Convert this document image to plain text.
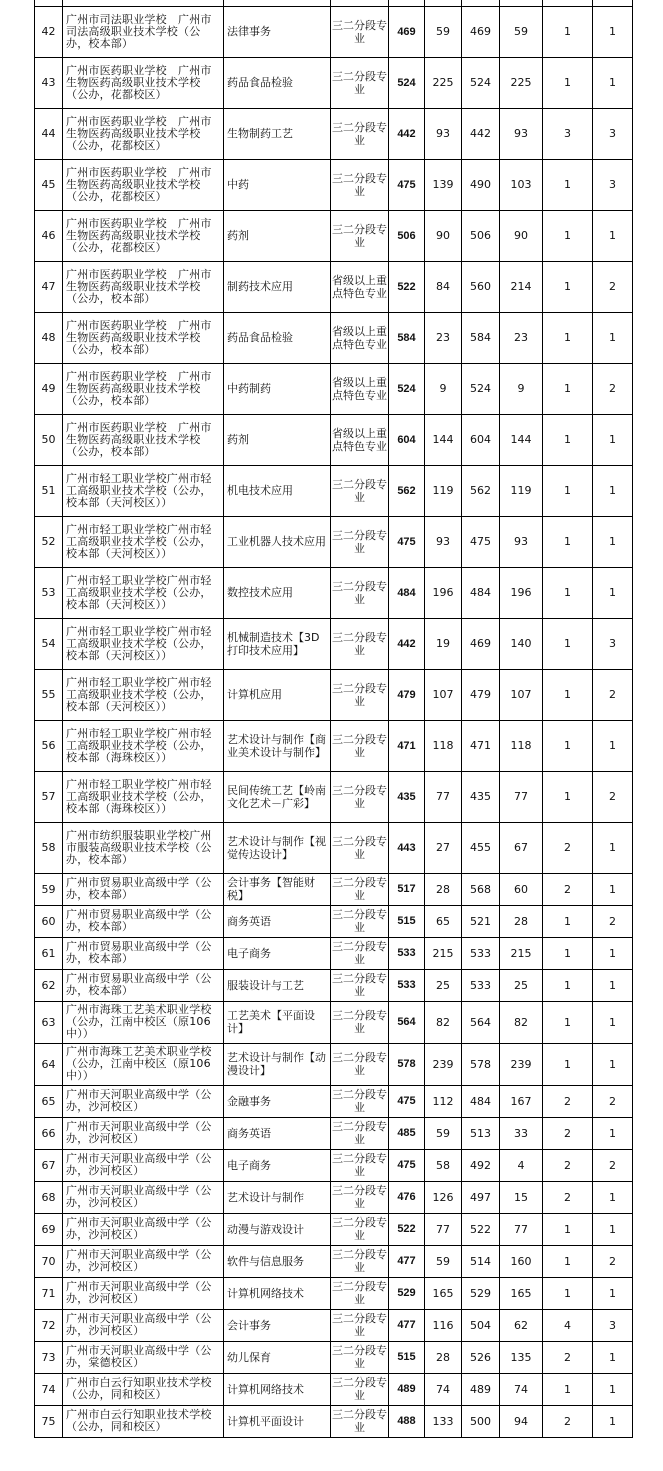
42	广州市司法职业学校　广州市司法高级职业技术学校（公办，校本部）	法律事务	三二分段专业	469	59	469	59	1	1
43	广州市医药职业学校　广州市生物医药高级职业技术学校（公办，花都校区）	药品食品检验	三二分段专业	524	225	524	225	1	1
44	广州市医药职业学校　广州市生物医药高级职业技术学校（公办，花都校区）	生物制药工艺	三二分段专业	442	93	442	93	3	3
45	广州市医药职业学校　广州市生物医药高级职业技术学校（公办，花都校区）	中药	三二分段专业	475	139	490	103	1	3
46	广州市医药职业学校　广州市生物医药高级职业技术学校（公办，花都校区）	药剂	三二分段专业	506	90	506	90	1	1
47	广州市医药职业学校　广州市生物医药高级职业技术学校（公办，校本部）	制药技术应用	省级以上重点特色专业	522	84	560	214	1	2
48	广州市医药职业学校　广州市生物医药高级职业技术学校（公办，校本部）	药品食品检验	省级以上重点特色专业	584	23	584	23	1	1
49	广州市医药职业学校　广州市生物医药高级职业技术学校（公办，校本部）	中药制药	省级以上重点特色专业	524	9	524	9	1	2
50	广州市医药职业学校　广州市生物医药高级职业技术学校（公办，校本部）	药剂	省级以上重点特色专业	604	144	604	144	1	1
51	广州市轻工职业学校广州市轻工高级职业技术学校（公办，校本部（天河校区））	机电技术应用	三二分段专业	562	119	562	119	1	1
52	广州市轻工职业学校广州市轻工高级职业技术学校（公办，校本部（天河校区））	工业机器人技术应用	三二分段专业	475	93	475	93	1	1
53	广州市轻工职业学校广州市轻工高级职业技术学校（公办，校本部（天河校区））	数控技术应用	三二分段专业	484	196	484	196	1	1
54	广州市轻工职业学校广州市轻工高级职业技术学校（公办，校本部（天河校区））	机械制造技术【3D打印技术应用】	三二分段专业	442	19	469	140	1	3
55	广州市轻工职业学校广州市轻工高级职业技术学校（公办，校本部（天河校区））	计算机应用	三二分段专业	479	107	479	107	1	2
56	广州市轻工职业学校广州市轻工高级职业技术学校（公办，校本部（海珠校区））	艺术设计与制作【商业美术设计与制作】	三二分段专业	471	118	471	118	1	1
57	广州市轻工职业学校广州市轻工高级职业技术学校（公办，校本部（海珠校区））	民间传统工艺【岭南文化艺术－广彩】	三二分段专业	435	77	435	77	1	2
58	广州市纺织服装职业学校广州市服装高级职业技术学校（公办，校本部）	艺术设计与制作【视觉传达设计】	三二分段专业	443	27	455	67	2	1
59	广州市贸易职业高级中学（公办，校本部）	会计事务【智能财税】	三二分段专业	517	28	568	60	2	1
60	广州市贸易职业高级中学（公办，校本部）	商务英语	三二分段专业	515	65	521	28	1	2
61	广州市贸易职业高级中学（公办，校本部）	电子商务	三二分段专业	533	215	533	215	1	1
62	广州市贸易职业高级中学（公办，校本部）	服装设计与工艺	三二分段专业	533	25	533	25	1	1
63	广州市海珠工艺美术职业学校（公办，江南中校区（原106中））	工艺美术【平面设计】	三二分段专业	564	82	564	82	1	1
64	广州市海珠工艺美术职业学校（公办，江南中校区（原106中））	艺术设计与制作【动漫设计】	三二分段专业	578	239	578	239	1	1
65	广州市天河职业高级中学（公办，沙河校区）	金融事务	三二分段专业	475	112	484	167	2	2
66	广州市天河职业高级中学（公办，沙河校区）	商务英语	三二分段专业	485	59	513	33	2	1
67	广州市天河职业高级中学（公办，沙河校区）	电子商务	三二分段专业	475	58	492	4	2	2
68	广州市天河职业高级中学（公办，沙河校区）	艺术设计与制作	三二分段专业	476	126	497	15	2	1
69	广州市天河职业高级中学（公办，沙河校区）	动漫与游戏设计	三二分段专业	522	77	522	77	1	1
70	广州市天河职业高级中学（公办，沙河校区）	软件与信息服务	三二分段专业	477	59	514	160	1	2
71	广州市天河职业高级中学（公办，沙河校区）	计算机网络技术	三二分段专业	529	165	529	165	1	1
72	广州市天河职业高级中学（公办，沙河校区）	会计事务	三二分段专业	477	116	504	62	4	3
73	广州市天河职业高级中学（公办，棠德校区）	幼儿保育	三二分段专业	515	28	526	135	2	1
74	广州市白云行知职业技术学校（公办，同和校区）	计算机网络技术	三二分段专业	489	74	489	74	1	1
75	广州市白云行知职业技术学校（公办，同和校区）	计算机平面设计	三二分段专业	488	133	500	94	2	1
